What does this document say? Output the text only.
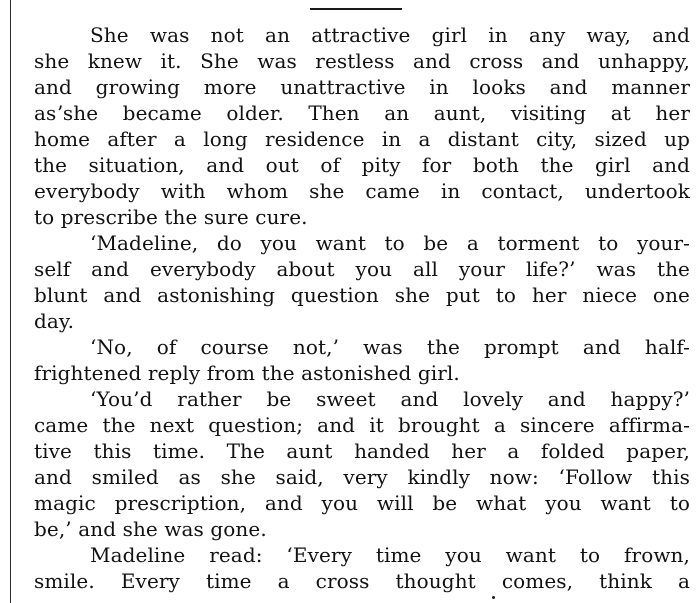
She was not an attractive girl in any way, and
she knew it. She was restless and cross and unhappy,
and growing more unattractive in looks and manner
asʼshe became older. Then an aunt, visiting at her
home after a long residence in a distant city, sized up
the situation, and out of pity for both the girl and
everybody with whom she came in contact, undertook
to prescribe the sure cure.
‘Madeline, do you want to be a torment to your-
self and everybody about you all your life?’ was the
blunt and astonishing question she put to her niece one
day.
‘No, of course not,’ was the prompt and half-
frightened reply from the astonished girl.
‘You’d rather be sweet and lovely and happy?’
came the next question; and it brought a sincere affirma-
tive this time. The aunt handed her a folded paper,
and smiled as she said, very kindly now: ‘Follow this
magic prescription, and you will be what you want to
be,’ and she was gone.
Madeline read: ‘Every time you want to frown,
smile. Every time a cross thought comes, think a
